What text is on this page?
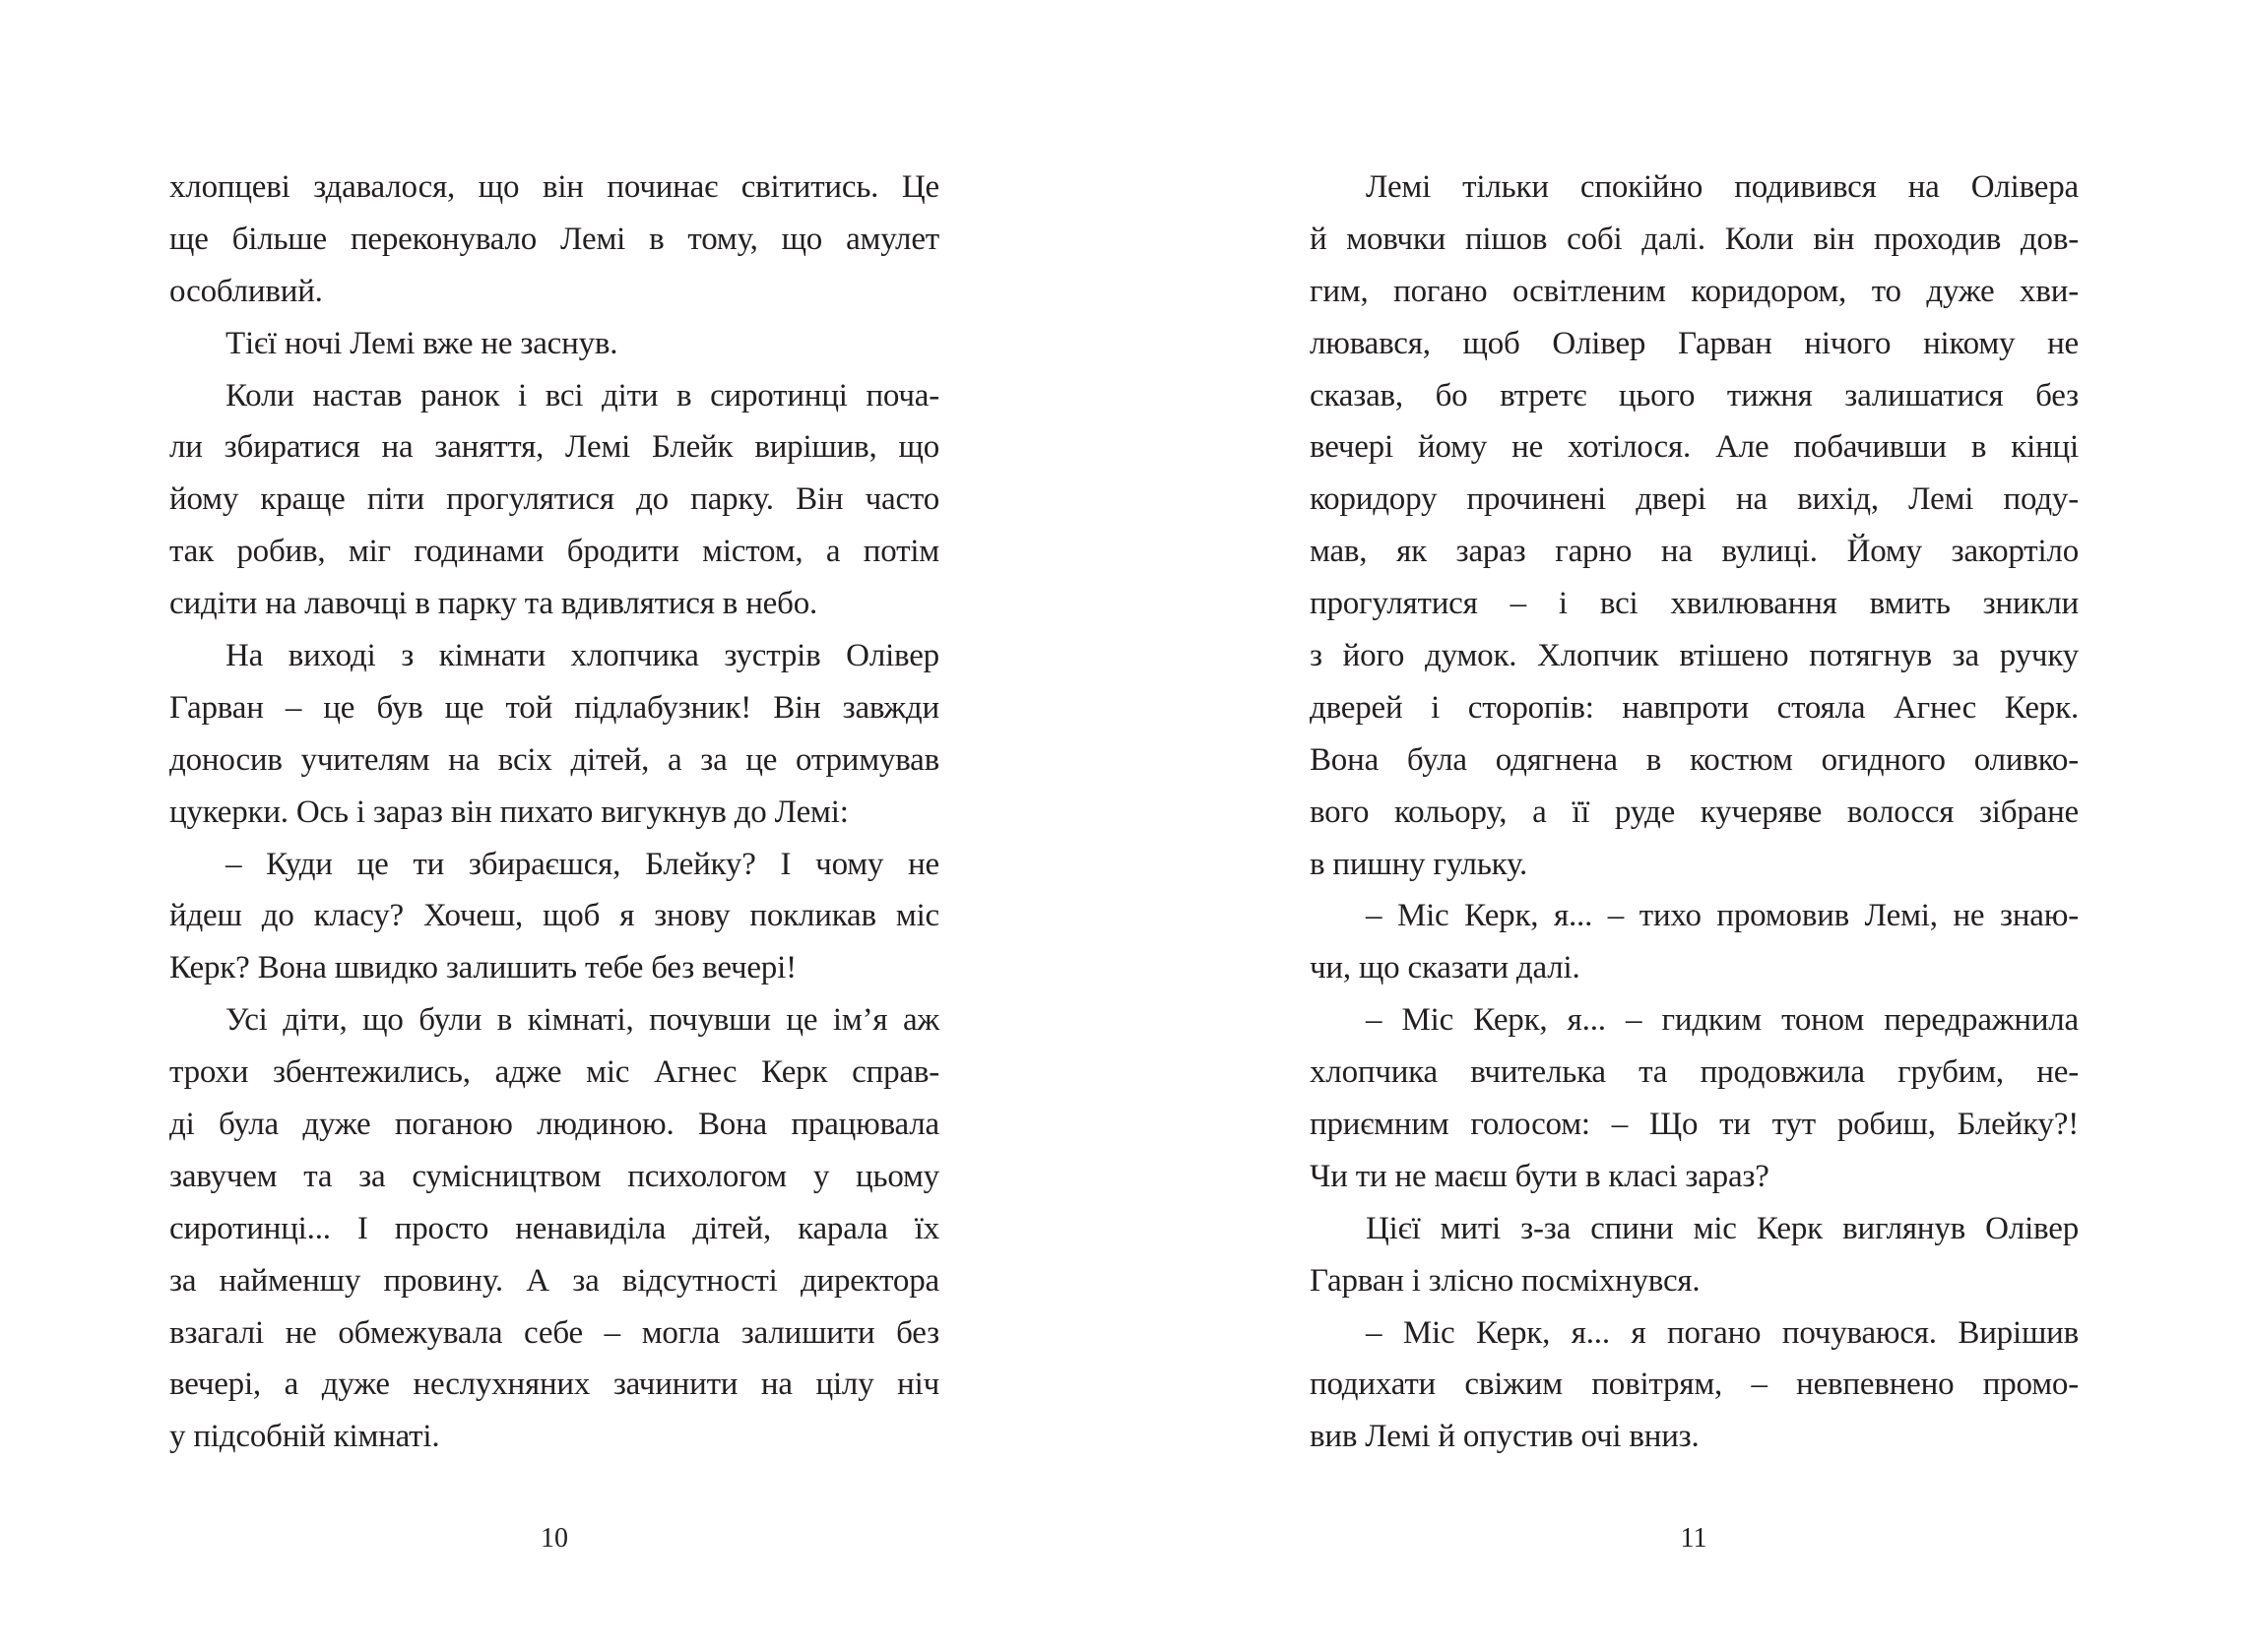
хлопцеві здавалося, що він починає світитись. Це
ще більше переконувало Лемі в тому, що амулет
особливий.
Тієї ночі Лемі вже не заснув.
Коли настав ранок і всі діти в сиротинці поча-
ли збиратися на заняття, Лемі Блейк вирішив, що
йому краще піти прогулятися до парку. Він часто
так робив, міг годинами бродити містом, а потім
сидіти на лавочці в парку та вдивлятися в небо.
На виході з кімнати хлопчика зустрів Олівер
Гарван – це був ще той підлабузник! Він завжди
доносив учителям на всіх дітей, а за це отримував
цукерки. Ось і зараз він пихато вигукнув до Лемі:
– Куди це ти збираєшся, Блейку? І чому не
йдеш до класу? Хочеш, щоб я знову покликав міс
Керк? Вона швидко залишить тебе без вечері!
Усі діти, що були в кімнаті, почувши це ім’я аж
трохи збентежились, адже міс Агнес Керк справ-
ді була дуже поганою людиною. Вона працювала
завучем та за сумісництвом психологом у цьому
сиротинці... І просто ненавиділа дітей, карала їх
за найменшу провину. А за відсутності директора
взагалі не обмежувала себе – могла залишити без
вечері, а дуже неслухняних зачинити на цілу ніч
у підсобній кімнаті.
Лемі тільки спокійно подивився на Олівера
й мовчки пішов собі далі. Коли він проходив дов-
гим, погано освітленим коридором, то дуже хви-
лювався, щоб Олівер Гарван нічого нікому не
сказав, бо втретє цього тижня залишатися без
вечері йому не хотілося. Але побачивши в кінці
коридору прочинені двері на вихід, Лемі поду-
мав, як зараз гарно на вулиці. Йому закортіло
прогулятися – і всі хвилювання вмить зникли
з його думок. Хлопчик втішено потягнув за ручку
дверей і сторопів: навпроти стояла Агнес Керк.
Вона була одягнена в костюм огидного оливко-
вого кольору, а її руде кучеряве волосся зібране
в пишну гульку.
– Міс Керк, я... – тихо промовив Лемі, не знаю-
чи, що сказати далі.
– Міс Керк, я... – гидким тоном передражнила
хлопчика вчителька та продовжила грубим, не-
приємним голосом: – Що ти тут робиш, Блейку?!
Чи ти не маєш бути в класі зараз?
Цієї миті з-за спини міс Керк виглянув Олівер
Гарван і злісно посміхнувся.
– Міс Керк, я... я погано почуваюся. Вирішив
подихати свіжим повітрям, – невпевнено промо-
вив Лемі й опустив очі вниз.
10	11
